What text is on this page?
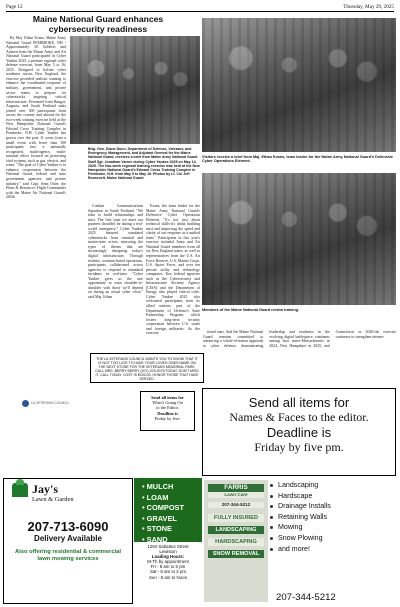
Page 12	Thursday, May 29, 2025
Maine National Guard enhances cybersecurity readiness

By Maj. Ethan Evans, Maine Army National Guard PEMBROKE, NH - Approximately 30 Soldiers and Airmen from the Maine Army and Air National Guard participated in Cyber Yankee 2025, a premier regional cyber defense exercise, from May 5 to 16, 2025. Designed to bolster cyber readiness across New England, the exercise provided realistic training to enhance the coordinated response of military, government, and private sector teams to prepare for cyberattacks targeting critical infrastructure. Personnel from Bangor, Augusta, and South Portland units joined over 300 participants from across the country and abroad for the two-week training exercise held at the New Hampshire National Guard's Edward Cross Training Complex in Pembroke, N.H. Cyber Yankee has grown over the past 11 years from a small event with fewer than 100 participants into a nationally recognized, multi-agency, multi-national effort focused on protecting vital systems, such as gas, electric, and water. "The goal of Cyber Yankee is to enhance cooperation between the National Guard, federal and state government agencies, and private industry," said Capt. Sean Osler, the Plans & Resources Flight Commander with the Maine Air National Guard's 265th

Combat Communications Squadron in South Portland. "We train to build relationships and trust. The first time we meet our partners shouldn't be during a real-world emergency." Cyber Yankee 2025 featured simulated cyberattacks from criminal and nation-state actors, mirroring the types of threats that are increasingly disrupting today's digital infrastructure. Through realistic, scenario-based operations, participants collaborated across agencies to respond to simulated incidents in real-time. "Cyber Yankee gives us the rare opportunity to train shoulder-to-shoulder with those we'll depend on during an actual cyber crisis," said Maj. Ethan

Evans, the team leader for the Maine Army National Guard's Defensive Cyber Operations Element. "It's not just about technical skills-it's about building trust and improving the speed and clarity of our response as a unified team." Participants in this year's exercise included Army and Air National Guard members from all six New England states, as well as representatives from the U.S. Air Force Reserve, U.S. Marine Corps, U.S. Space Force, and over ten private utility and technology companies. Key federal agencies such as the Cybersecurity and Infrastructure Security Agency (CISA) and the Department of Energy also played critical roles. Cyber Yankee 2025 also welcomed participants from its allied nations, part of the Department of Defense's State Partnership Program, which fosters long-term security cooperation between U.S. states and foreign militaries. As the exercise	tional ones. And the Maine National Guard remains committed to advancing a whole-of-nation approach to cyber defense, demonstrating leadership and readiness in the evolving digital battlespace. continues among host states-Massachusetts in 2024, New Hampshire in 2025, and Connecticut in 2026-the exercise continues to strengthen interna-

Visitors receive a brief from Maj. Ethan Evans, team leader for the Maine Army National Guard's Defensive Cyber Operations Element.
Brig. Gen. Diane Dunn, Department of Defense, Veterans, and Emergency Management, and Adjutant General for the Maine National Guard, receives a brief from Maine Army National Guard Staff Sgt. Jonathan Varner during Cyber Yankee 2025 on May 14, 2025. The two-week regional training exercise was held at the New Hampshire National Guard's Edward Cross Training Complex in Pembroke, N.H. from May 5 to May 16. Photos by Lt. Col Jeff Roosevelt, Maine National Guard.
Members of the Maine National Guard review training.
THE LA VETERANS COUNCIL WANTS YOU TO KNOW THAT IT IS NOT TOO LATE TO HAVE YOUR LOVED ONES NAME ON THE NEXT STONE FOR THE VETERANS MEMORIAL PARK. CALL MRS. BERRY BERRY (207)-376-0078 TODAY. DON'T MISS IT, CALL TODAY. COST IS $100.00. HONOR THOSE THAT HAVE SERVED.
LA VETERANS COUNCIL
Send all items for
What's Going On
to the Editor.
Deadline is
Friday by five.
Send all items for
Names & Faces to the editor.
Deadline is
Friday by five pm.
Jay's
Lawn & Garden
207-713-6090
Delivery Available
Also offering residential & commercial lawn mowing services
• MULCH
• LOAM
• COMPOST
• GRAVEL
• STONE
• SAND
1294 Sabattus Street
Lewiston
Loading Hours:
M-Th by appointment
Fri - 8 am to 5 pm
Sat - 8 am to 2 pm
Sun - 8 am to Noon
FARRIS
Lawn Care
207-344-5212
FULLY INSURED
LANDSCAPING
HARDSCAPING
SNOW REMOVAL
Landscaping
Hardscape
Drainage Installs
Retaining Walls
Mowing
Snow Plowing
and more!
207-344-5212
